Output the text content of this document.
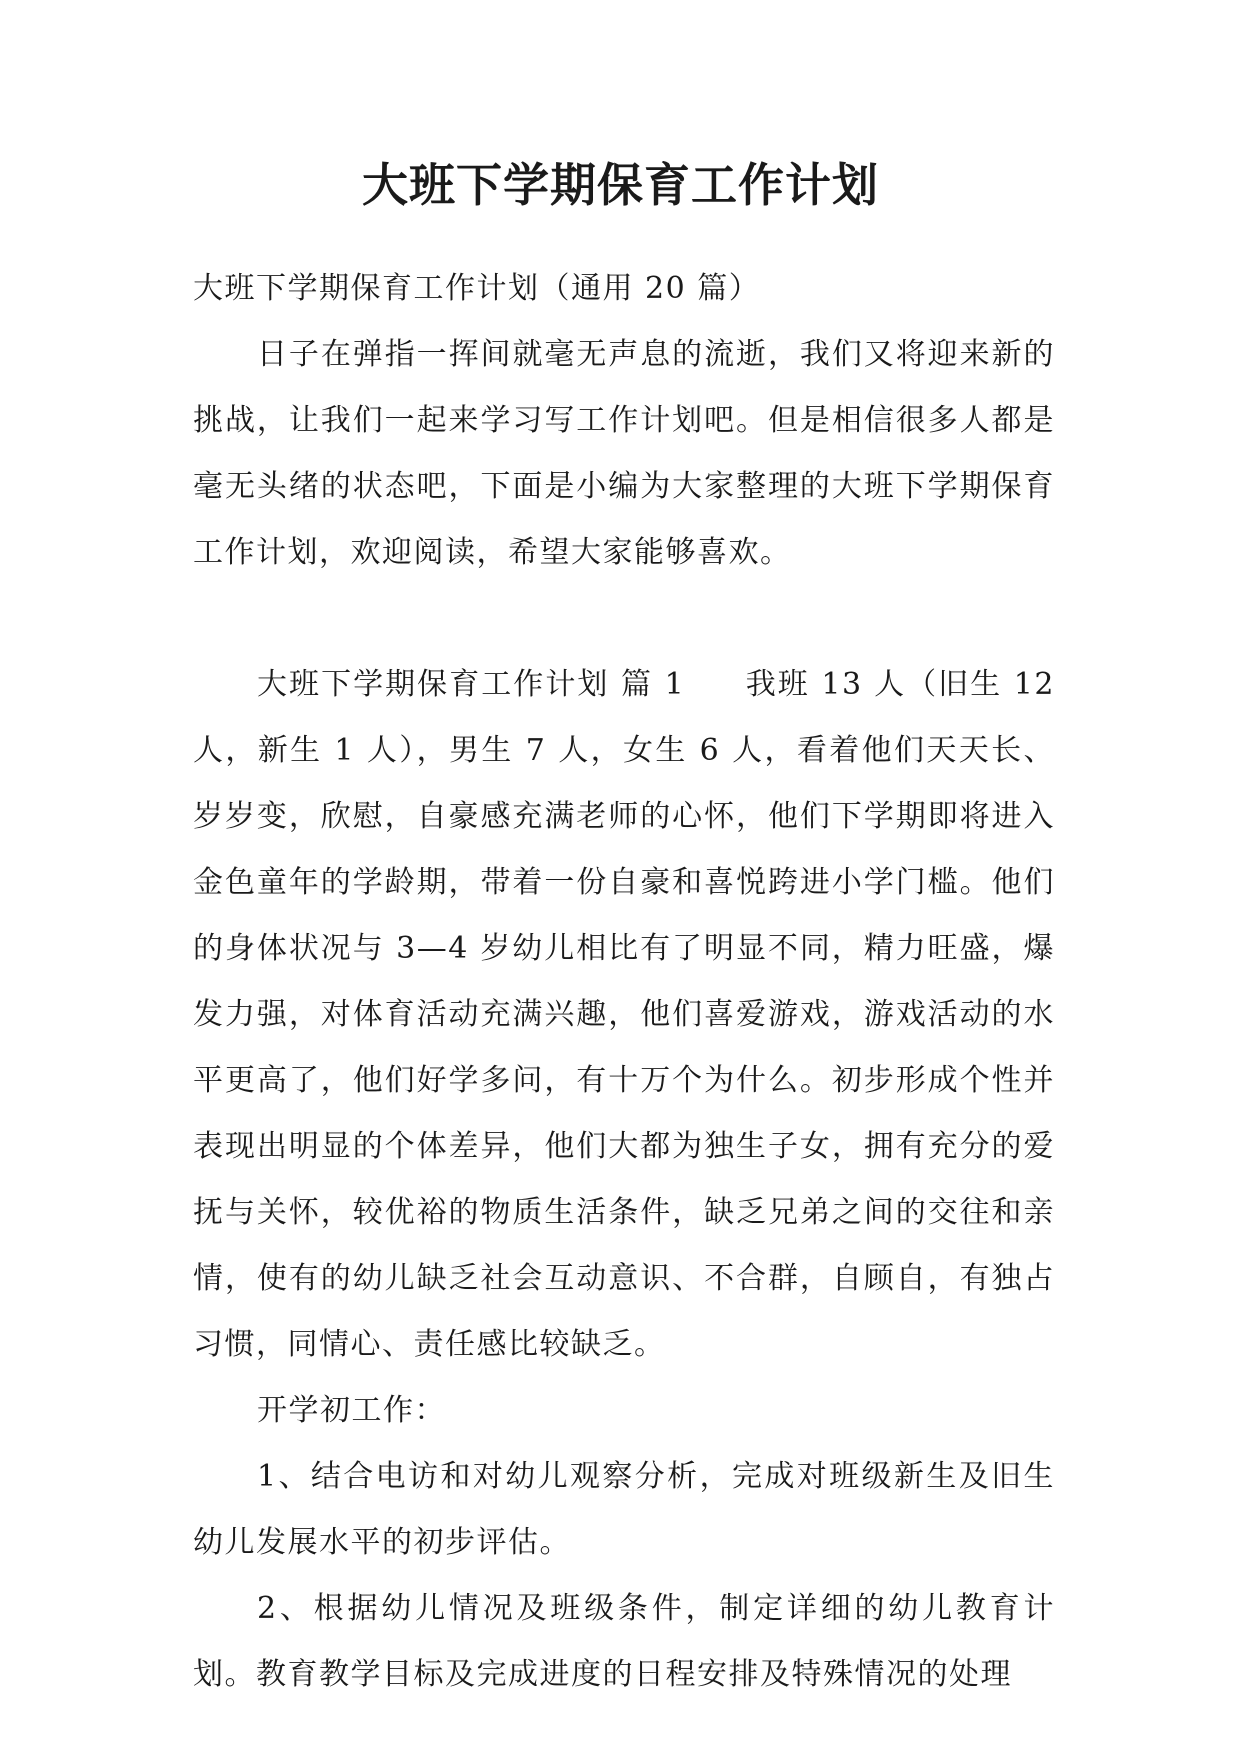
大班下学期保育工作计划

大班下学期保育工作计划（通用 20 篇）

日子在弹指一挥间就毫无声息的流逝，我们又将迎来新的挑战，让我们一起来学习写工作计划吧。但是相信很多人都是毫无头绪的状态吧，下面是小编为大家整理的大班下学期保育工作计划，欢迎阅读，希望大家能够喜欢。

大班下学期保育工作计划 篇 1 我班 13 人（旧生 12 人，新生 1 人），男生 7 人，女生 6 人，看着他们天天长、岁岁变，欣慰，自豪感充满老师的心怀，他们下学期即将进入金色童年的学龄期，带着一份自豪和喜悦跨进小学门槛。他们的身体状况与 3—4 岁幼儿相比有了明显不同，精力旺盛，爆发力强，对体育活动充满兴趣，他们喜爱游戏，游戏活动的水平更高了，他们好学多问，有十万个为什么。初步形成个性并表现出明显的个体差异，他们大都为独生子女，拥有充分的爱抚与关怀，较优裕的物质生活条件，缺乏兄弟之间的交往和亲情，使有的幼儿缺乏社会互动意识、不合群，自顾自，有独占习惯，同情心、责任感比较缺乏。

开学初工作：

1、结合电访和对幼儿观察分析，完成对班级新生及旧生幼儿发展水平的初步评估。

2、根据幼儿情况及班级条件，制定详细的幼儿教育计划。教育教学目标及完成进度的日程安排及特殊情况的处理
